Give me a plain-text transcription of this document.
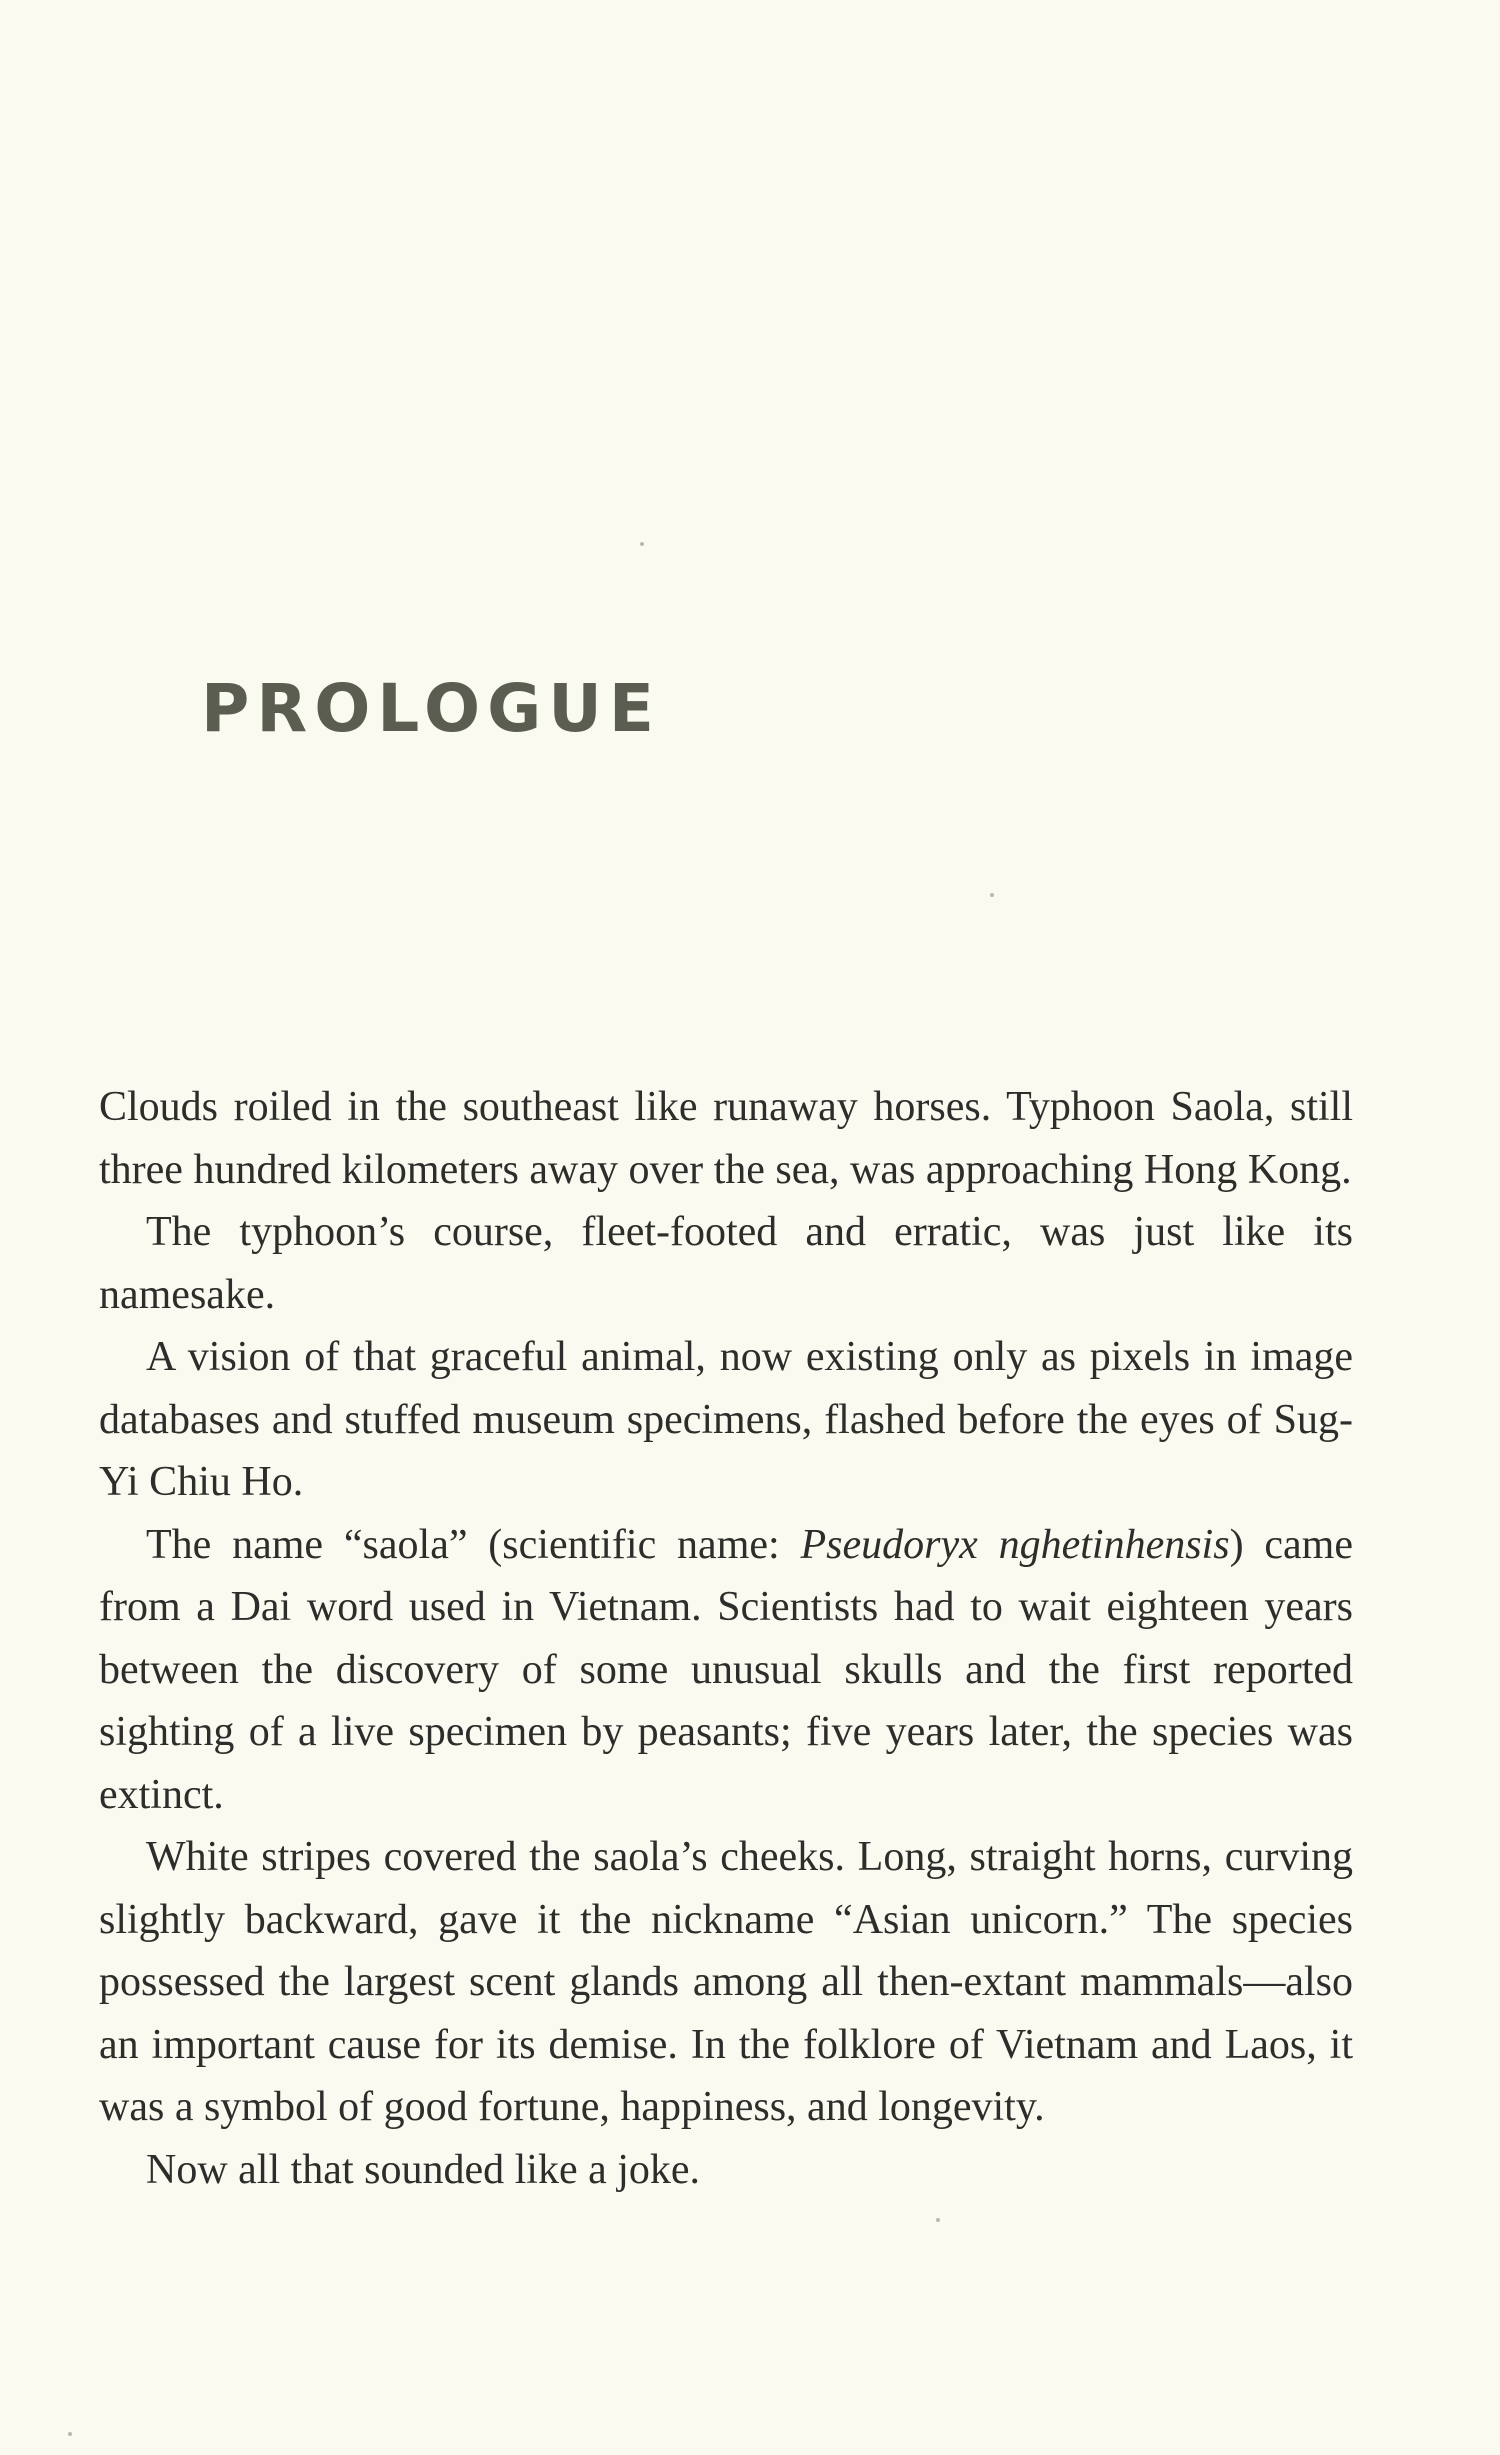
PROLOGUE

Clouds roiled in the southeast like runaway horses. Typhoon Saola, still three hundred kilometers away over the sea, was approaching Hong Kong.

The typhoon’s course, fleet-footed and erratic, was just like its namesake.

A vision of that graceful animal, now existing only as pixels in image databases and stuffed museum specimens, flashed before the eyes of Sug-Yi Chiu Ho.

The name “saola” (scientific name: Pseudoryx nghetinhensis) came from a Dai word used in Vietnam. Scientists had to wait eighteen years between the discovery of some unusual skulls and the first reported sighting of a live specimen by peasants; five years later, the species was extinct.

White stripes covered the saola’s cheeks. Long, straight horns, curving slightly backward, gave it the nickname “Asian unicorn.” The species possessed the largest scent glands among all then-extant mammals—also an important cause for its demise. In the folklore of Vietnam and Laos, it was a symbol of good fortune, happiness, and longevity.

Now all that sounded like a joke.
